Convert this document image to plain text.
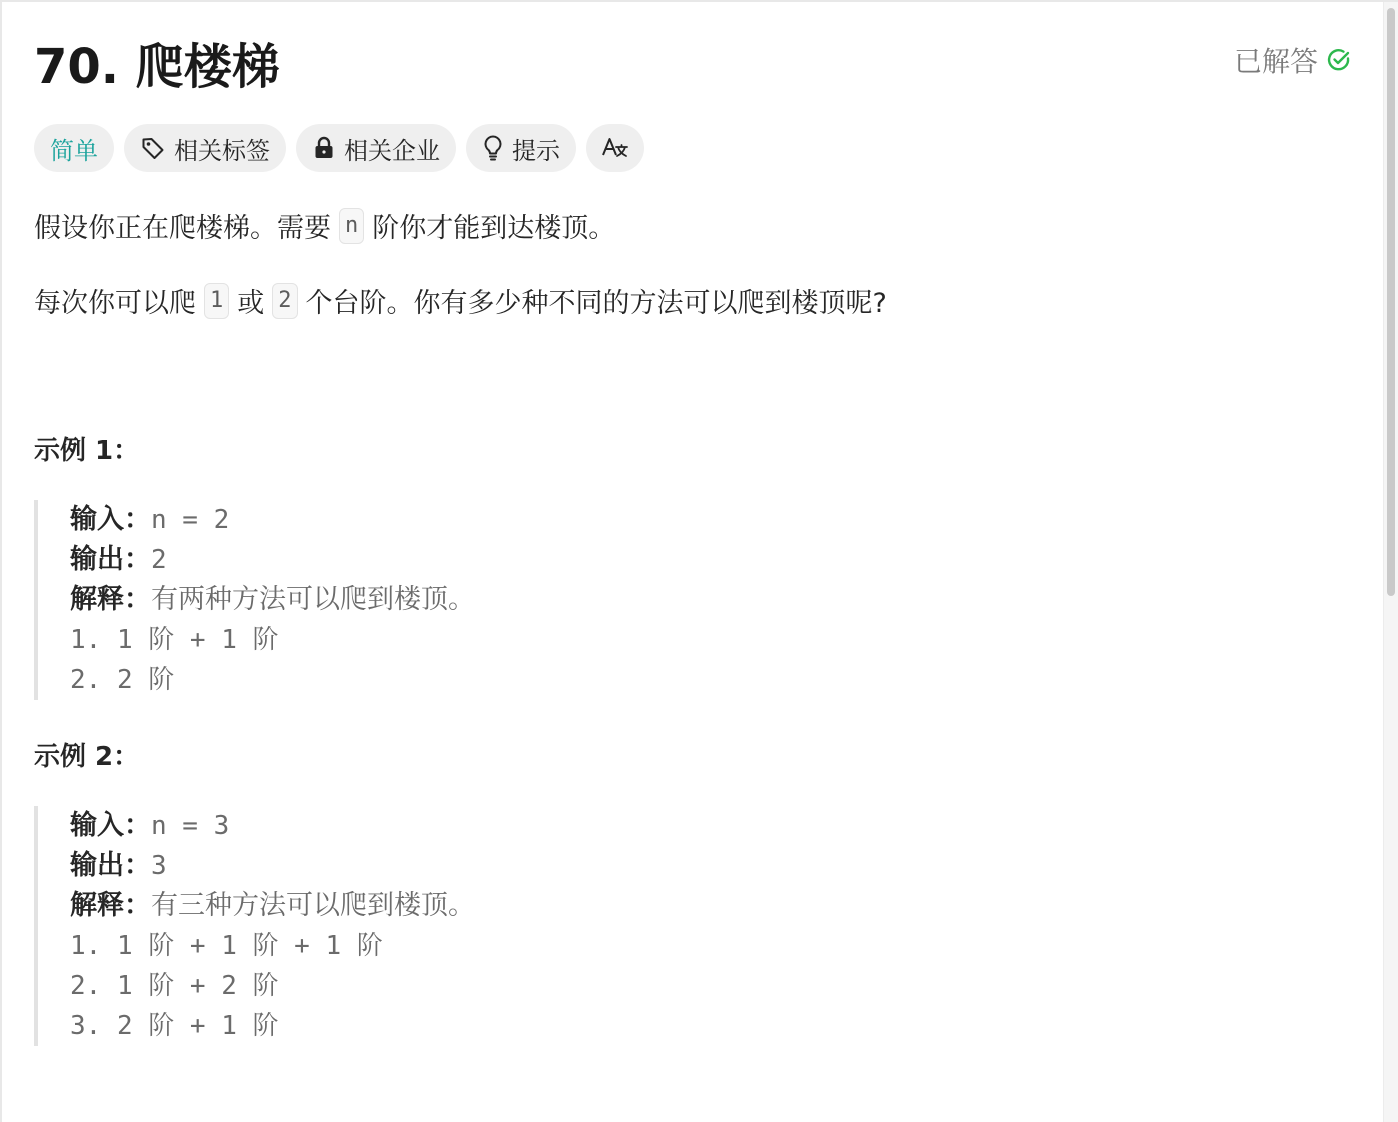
70. 爬楼梯	已解答
简单	相关标签	相关企业	提示
假设你正在爬楼梯。需要 n 阶你才能到达楼顶。
每次你可以爬 1 或 2 个台阶。你有多少种不同的方法可以爬到楼顶呢?
示例 1：
输入：n = 2
输出：2
解释：有两种方法可以爬到楼顶。
1. 1 阶 + 1 阶
2. 2 阶
示例 2：
输入：n = 3
输出：3
解释：有三种方法可以爬到楼顶。
1. 1 阶 + 1 阶 + 1 阶
2. 1 阶 + 2 阶
3. 2 阶 + 1 阶
